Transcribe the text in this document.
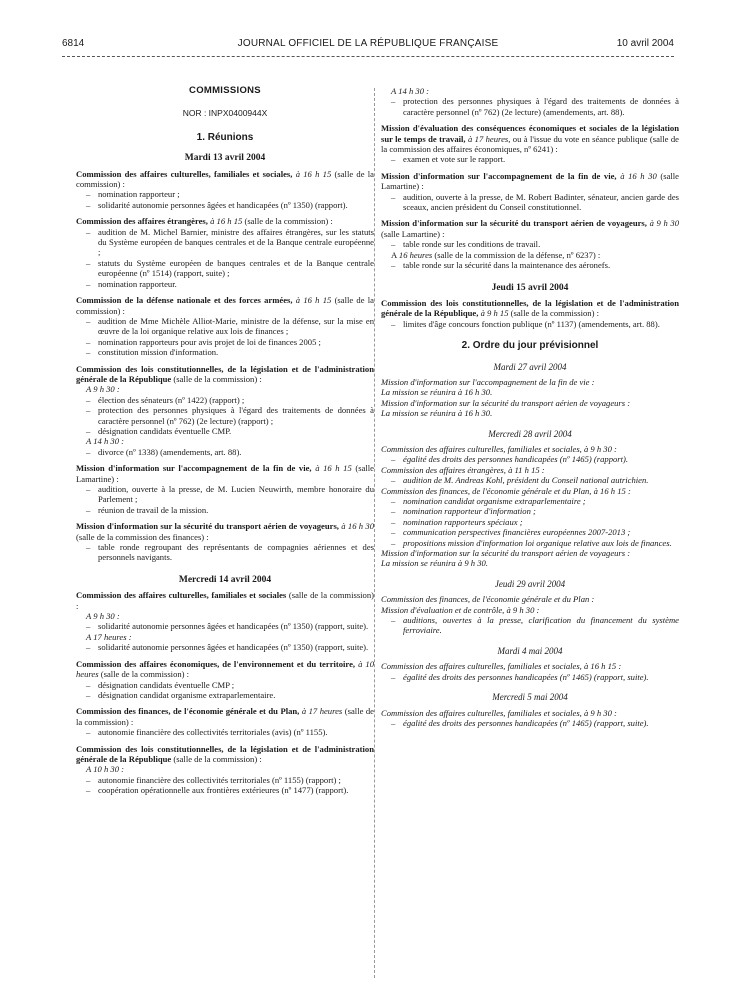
6814	JOURNAL OFFICIEL DE LA RÉPUBLIQUE FRANÇAISE	10 avril 2004

COMMISSIONS

NOR : INPX0400944X

1. Réunions

Mardi 13 avril 2004

Commission des affaires culturelles, familiales et sociales, à 16 h 15 (salle de la commission) :

– nomination rapporteur ;
– solidarité autonomie personnes âgées et handicapées (nº 1350) (rapport).

Commission des affaires étrangères, à 16 h 15 (salle de la commission) :

– audition de M. Michel Barnier, ministre des affaires étrangères, sur les statuts du Système européen de banques centrales et de la Banque centrale européenne ;
– statuts du Système européen de banques centrales et de la Banque centrale européenne (nº 1514) (rapport, suite) ;
– nomination rapporteur.

Commission de la défense nationale et des forces armées, à 16 h 15 (salle de la commission) :

– audition de Mme Michèle Alliot-Marie, ministre de la défense, sur la mise en œuvre de la loi organique relative aux lois de finances ;
– nomination rapporteurs pour avis projet de loi de finances 2005 ;
– constitution mission d'information.

Commission des lois constitutionnelles, de la législation et de l'administration générale de la République (salle de la commission) :

A 9 h 30 :

– élection des sénateurs (nº 1422) (rapport) ;
– protection des personnes physiques à l'égard des traitements de données à caractère personnel (nº 762) (2e lecture) (rapport) ;
– désignation candidats éventuelle CMP.

A 14 h 30 :

– divorce (nº 1338) (amendements, art. 88).

Mission d'information sur l'accompagnement de la fin de vie, à 16 h 15 (salle Lamartine) :

– audition, ouverte à la presse, de M. Lucien Neuwirth, membre honoraire du Parlement ;
– réunion de travail de la mission.

Mission d'information sur la sécurité du transport aérien de voyageurs, à 16 h 30 (salle de la commission des finances) :

– table ronde regroupant des représentants de compagnies aériennes et des personnels navigants.

Mercredi 14 avril 2004

Commission des affaires culturelles, familiales et sociales (salle de la commission) :

A 9 h 30 :

– solidarité autonomie personnes âgées et handicapées (nº 1350) (rapport, suite).

A 17 heures :

– solidarité autonomie personnes âgées et handicapées (nº 1350) (rapport, suite).

Commission des affaires économiques, de l'environnement et du territoire, à 10 heures (salle de la commission) :

– désignation candidats éventuelle CMP ;
– désignation candidat organisme extraparlementaire.

Commission des finances, de l'économie générale et du Plan, à 17 heures (salle de la commission) :

– autonomie financière des collectivités territoriales (avis) (nº 1155).

Commission des lois constitutionnelles, de la législation et de l'administration générale de la République (salle de la commission) :

A 10 h 30 :

– autonomie financière des collectivités territoriales (nº 1155) (rapport) ;
– coopération opérationnelle aux frontières extérieures (nº 1477) (rapport).

A 14 h 30 :

– protection des personnes physiques à l'égard des traitements de données à caractère personnel (nº 762) (2e lecture) (amendements, art. 88).

Mission d'évaluation des conséquences économiques et sociales de la législation sur le temps de travail, à 17 heures, ou à l'issue du vote en séance publique (salle de la commission des affaires économiques, nº 6241) :

– examen et vote sur le rapport.

Mission d'information sur l'accompagnement de la fin de vie, à 16 h 30 (salle Lamartine) :

– audition, ouverte à la presse, de M. Robert Badinter, sénateur, ancien garde des sceaux, ancien président du Conseil constitutionnel.

Mission d'information sur la sécurité du transport aérien de voyageurs, à 9 h 30 (salle Lamartine) :

– table ronde sur les conditions de travail.

A 16 heures (salle de la commission de la défense, nº 6237) :

– table ronde sur la sécurité dans la maintenance des aéronefs.

Jeudi 15 avril 2004

Commission des lois constitutionnelles, de la législation et de l'administration générale de la République, à 9 h 15 (salle de la commission) :

– limites d'âge concours fonction publique (nº 1137) (amendements, art. 88).

2. Ordre du jour prévisionnel

Mardi 27 avril 2004

Mission d'information sur l'accompagnement de la fin de vie :

La mission se réunira à 16 h 30.

Mission d'information sur la sécurité du transport aérien de voyageurs :

La mission se réunira à 16 h 30.

Mercredi 28 avril 2004

Commission des affaires culturelles, familiales et sociales, à 9 h 30 :

– égalité des droits des personnes handicapées (nº 1465) (rapport).

Commission des affaires étrangères, à 11 h 15 :

– audition de M. Andreas Kohl, président du Conseil national autrichien.

Commission des finances, de l'économie générale et du Plan, à 16 h 15 :

– nomination candidat organisme extraparlementaire ;
– nomination rapporteur d'information ;
– nomination rapporteurs spéciaux ;
– communication perspectives financières européennes 2007-2013 ;
– propositions mission d'information loi organique relative aux lois de finances.

Mission d'information sur la sécurité du transport aérien de voyageurs :

La mission se réunira à 9 h 30.

Jeudi 29 avril 2004

Commission des finances, de l'économie générale et du Plan :

Mission d'évaluation et de contrôle, à 9 h 30 :

– auditions, ouvertes à la presse, clarification du financement du système ferroviaire.

Mardi 4 mai 2004

Commission des affaires culturelles, familiales et sociales, à 16 h 15 :

– égalité des droits des personnes handicapées (nº 1465) (rapport, suite).

Mercredi 5 mai 2004

Commission des affaires culturelles, familiales et sociales, à 9 h 30 :

– égalité des droits des personnes handicapées (nº 1465) (rapport, suite).
